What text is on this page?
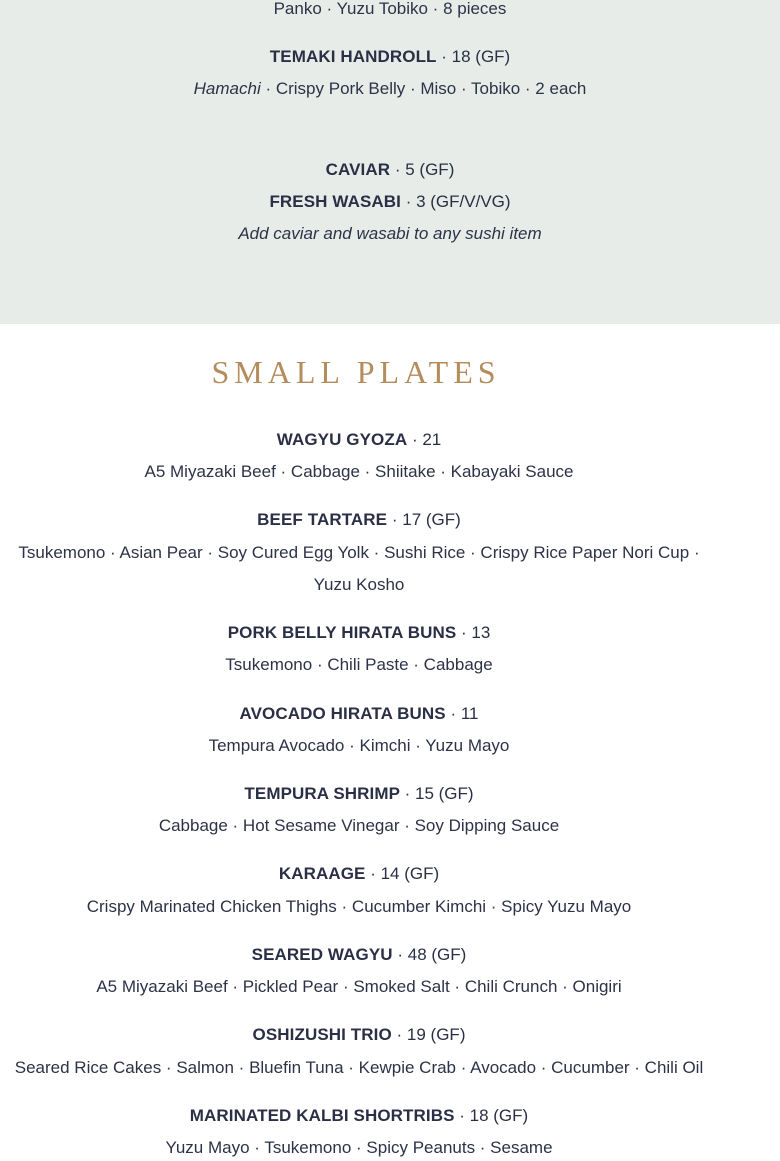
Panko · Yuzu Tobiko · 8 pieces
TEMAKI HANDROLL · 18 (GF)
Hamachi · Crispy Pork Belly · Miso · Tobiko · 2 each
CAVIAR · 5 (GF)
FRESH WASABI · 3 (GF/V/VG)
Add caviar and wasabi to any sushi item
SMALL PLATES
WAGYU GYOZA · 21
A5 Miyazaki Beef · Cabbage · Shiitake · Kabayaki Sauce
BEEF TARTARE · 17 (GF)
Tsukemono · Asian Pear · Soy Cured Egg Yolk · Sushi Rice · Crispy Rice Paper Nori Cup · Yuzu Kosho
PORK BELLY HIRATA BUNS · 13
Tsukemono · Chili Paste · Cabbage
AVOCADO HIRATA BUNS · 11
Tempura Avocado · Kimchi · Yuzu Mayo
TEMPURA SHRIMP · 15 (GF)
Cabbage · Hot Sesame Vinegar · Soy Dipping Sauce
KARAAGE · 14 (GF)
Crispy Marinated Chicken Thighs · Cucumber Kimchi · Spicy Yuzu Mayo
SEARED WAGYU · 48 (GF)
A5 Miyazaki Beef · Pickled Pear · Smoked Salt · Chili Crunch · Onigiri
OSHIZUSHI TRIO · 19 (GF)
Seared Rice Cakes · Salmon · Bluefin Tuna · Kewpie Crab · Avocado · Cucumber · Chili Oil
MARINATED KALBI SHORTRIBS · 18 (GF)
Yuzu Mayo · Tsukemono · Spicy Peanuts · Sesame
